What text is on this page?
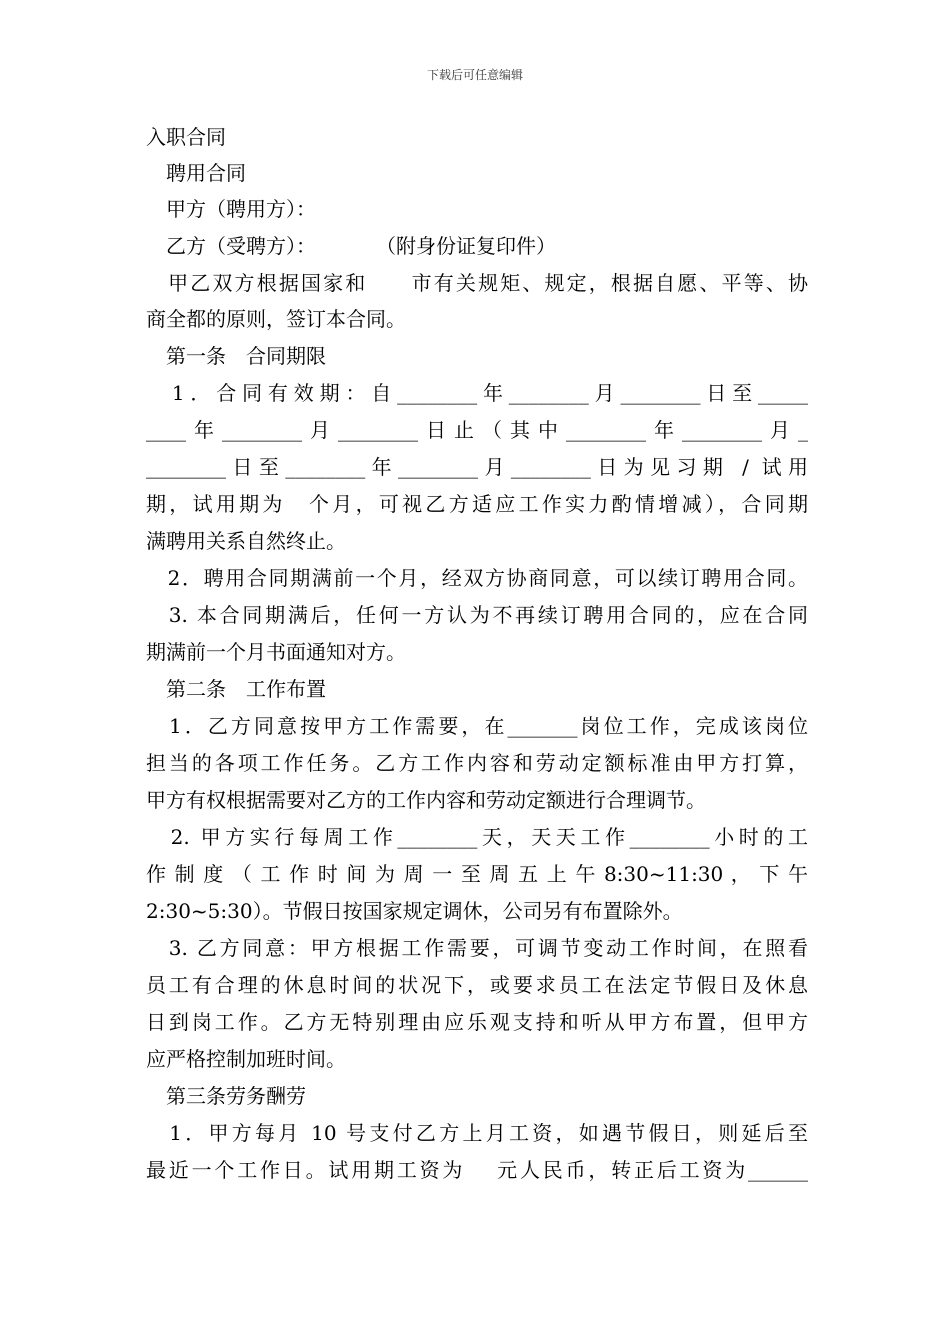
下载后可任意编辑
入职合同
　聘用合同
　甲方（聘用方）：
　乙方（受聘方）：　　　　（附身份证复印件）
　甲乙双方根据国家和　　市有关规矩、规定，根据自愿、平等、协
商全都的原则，签订本合同。
　第一条　合同期限
　1．合同有效期：自________年________月________日至_____
____年________月________日止（其中________年________月_
________日至________年________月________日为见习期 / 试用
期，试用期为　个月，可视乙方适应工作实力酌情增减），合同期
满聘用关系自然终止。
　2．聘用合同期满前一个月，经双方协商同意，可以续订聘用合同。
　3. 本合同期满后，任何一方认为不再续订聘用合同的，应在合同
期满前一个月书面通知对方。
　第二条　工作布置
　1．乙方同意按甲方工作需要，在_______岗位工作，完成该岗位
担当的各项工作任务。乙方工作内容和劳动定额标准由甲方打算，
甲方有权根据需要对乙方的工作内容和劳动定额进行合理调节。
　2. 甲方实行每周工作________天，天天工作________小时的工
作 制 度 （ 工 作 时 间 为 周 一 至 周 五 上 午 8:30~11:30 ， 下 午
2:30~5:30）。节假日按国家规定调休，公司另有布置除外。
　3. 乙方同意：甲方根据工作需要，可调节变动工作时间，在照看
员工有合理的休息时间的状况下，或要求员工在法定节假日及休息
日到岗工作。乙方无特别理由应乐观支持和听从甲方布置，但甲方
应严格控制加班时间。
　第三条劳务酬劳
　1．甲方每月 10 号支付乙方上月工资，如遇节假日，则延后至
最近一个工作日。试用期工资为　 元人民币，转正后工资为______
